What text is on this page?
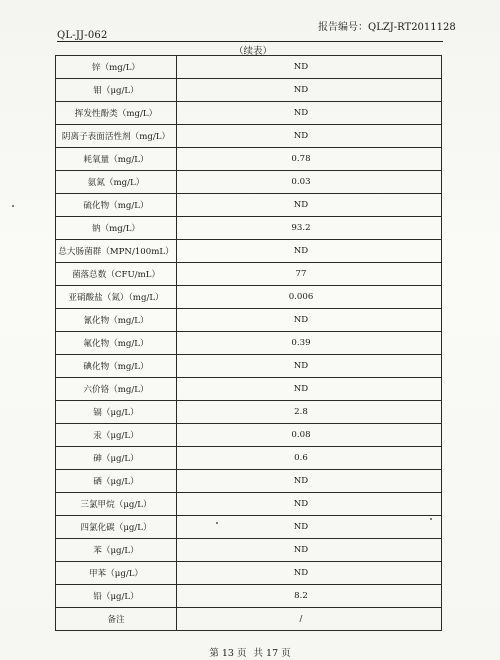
QL-JJ-062
报告编号：QLZJ-RT2011128
（续表）
锌（mg/L）	ND
钼（μg/L）	ND
挥发性酚类（mg/L）	ND
阴离子表面活性剂（mg/L）	ND
耗氧量（mg/L）	0.78
氨氮（mg/L）	0.03
硫化物（mg/L）	ND
钠（mg/L）	93.2
总大肠菌群（MPN/100mL）	ND
菌落总数（CFU/mL）	77
亚硝酸盐（氮）（mg/L）	0.006
氰化物（mg/L）	ND
氟化物（mg/L）	0.39
碘化物（mg/L）	ND
六价铬（mg/L）	ND
镉（μg/L）	2.8
汞（μg/L）	0.08
砷（μg/L）	0.6
硒（μg/L）	ND
三氯甲烷（μg/L）	ND
四氯化碳（μg/L）	ND
苯（μg/L）	ND
甲苯（μg/L）	ND
铅（μg/L）	8.2
备注	/
第 13 页 共 17 页
